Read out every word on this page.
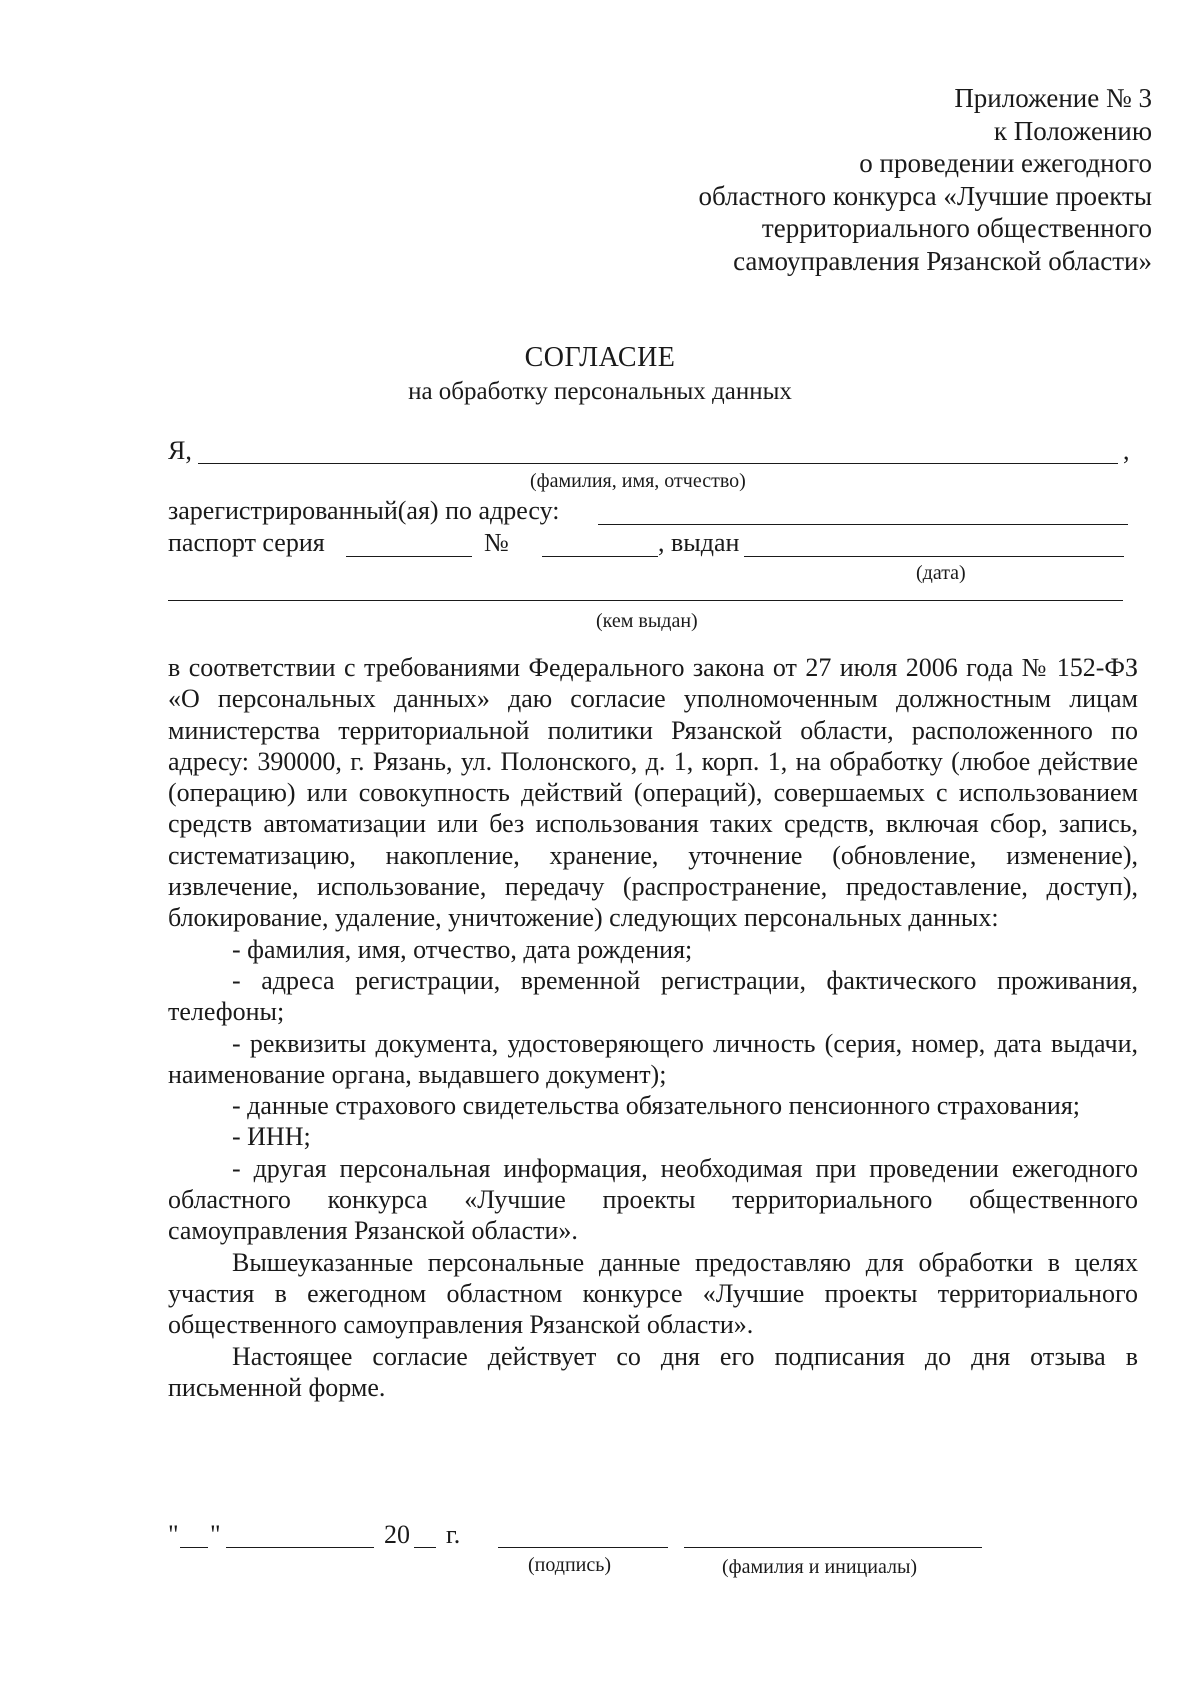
Приложение № 3
к Положению
о проведении ежегодного
областного конкурса «Лучшие проекты
территориального общественного
самоуправления Рязанской области»
СОГЛАСИЕ
на обработку персональных данных
Я,	,
(фамилия, имя, отчество)
зарегистрированный(ая) по адресу:
паспорт серия	№	, выдан
(дата)
(кем выдан)

в соответствии с требованиями Федерального закона от 27 июля 2006 года № 152-ФЗ «О персональных данных» даю согласие уполномоченным должностным лицам министерства территориальной политики Рязанской области, расположенного по адресу: 390000, г. Рязань, ул. Полонского, д. 1, корп. 1, на обработку (любое действие (операцию) или совокупность действий (операций), совершаемых с использованием средств автоматизации или без использования таких средств, включая сбор, запись, систематизацию, накопление, хранение, уточнение (обновление, изменение), извлечение, использование, передачу (распространение, предоставление, доступ), блокирование, удаление, уничтожение) следующих персональных данных:

- фамилия, имя, отчество, дата рождения;

- адреса регистрации, временной регистрации, фактического проживания, телефоны;

- реквизиты документа, удостоверяющего личность (серия, номер, дата выдачи, наименование органа, выдавшего документ);

- данные страхового свидетельства обязательного пенсионного страхования;

- ИНН;

- другая персональная информация, необходимая при проведении ежегодного областного конкурса «Лучшие проекты территориального общественного самоуправления Рязанской области».

Вышеуказанные персональные данные предоставляю для обработки в целях участия в ежегодном областном конкурсе «Лучшие проекты территориального общественного самоуправления Рязанской области».

Настоящее согласие действует со дня его подписания до дня отзыва в письменной форме.

" "	20 г.
(подпись)	(фамилия и инициалы)
